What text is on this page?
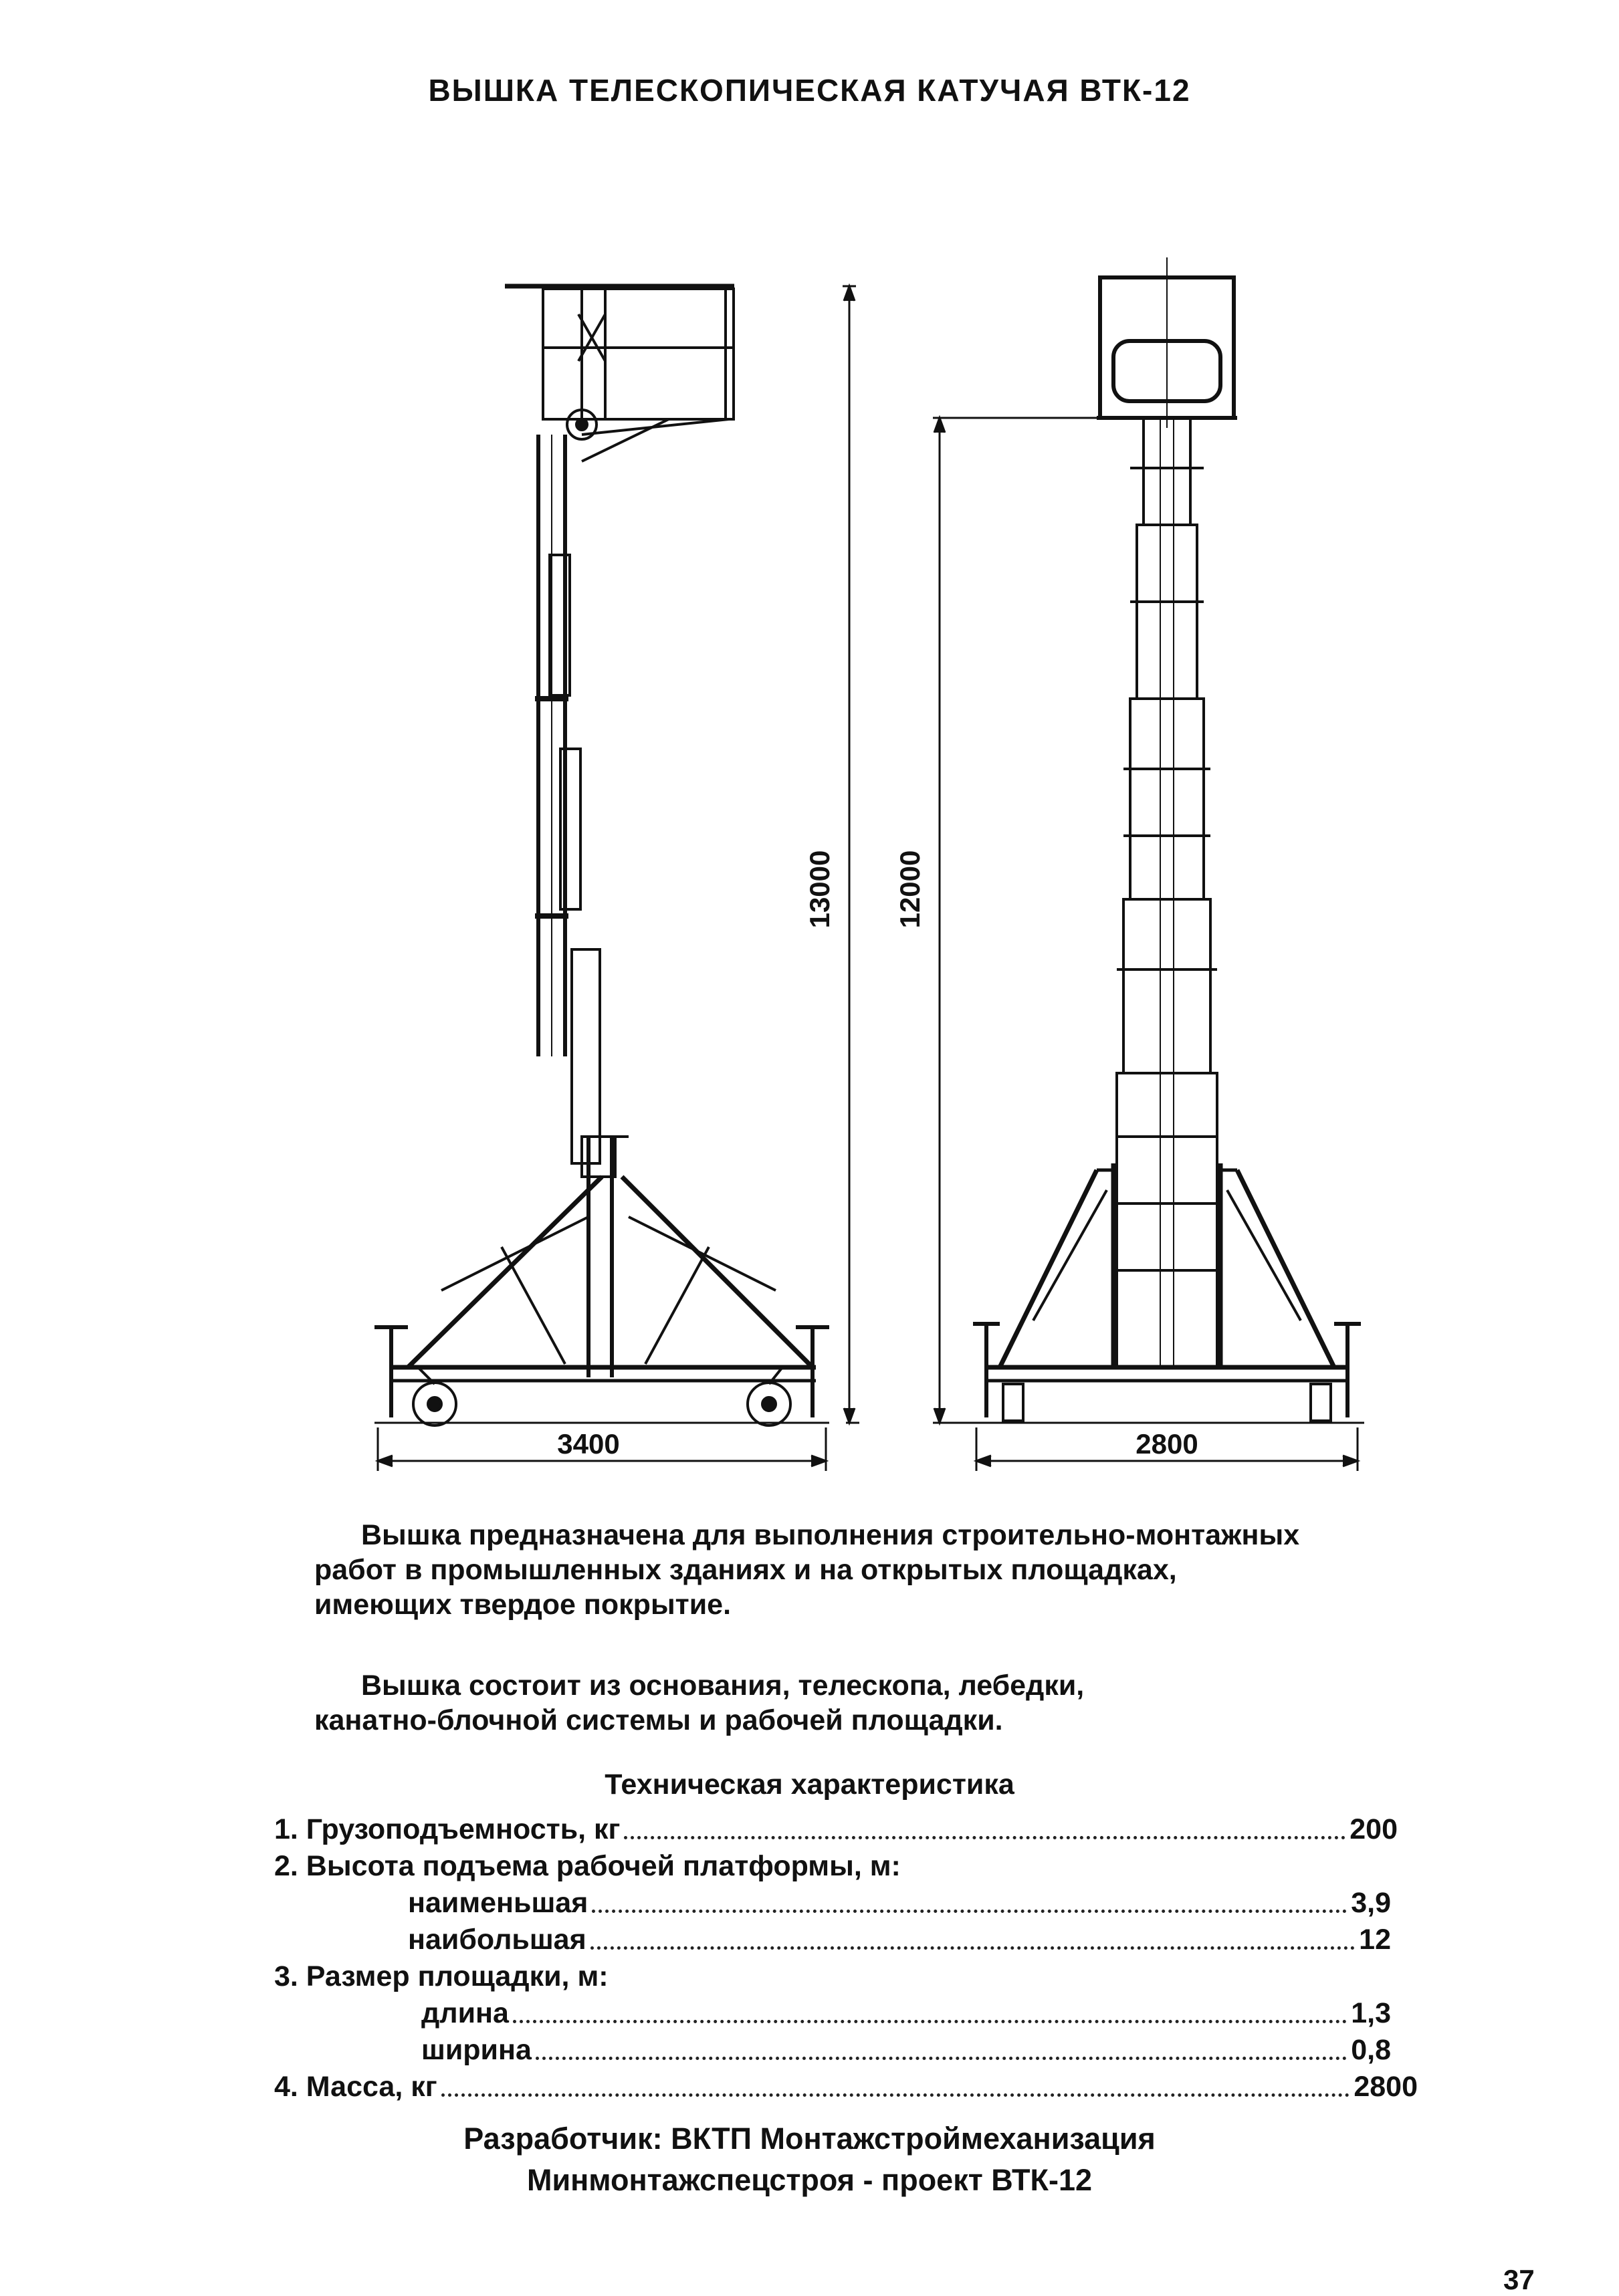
ВЫШКА ТЕЛЕСКОПИЧЕСКАЯ КАТУЧАЯ ВТК-12
13000
3400
12000
2800
Вышка предназначена для выполнения строительно-монтажных
работ в промышленных зданиях и на открытых площадках,
имеющих твердое покрытие.
Вышка состоит из основания, телескопа, лебедки,
канатно-блочной системы и рабочей площадки.
Техническая характеристика
1. Грузоподъемность, кг	200
2. Высота подъема рабочей платформы, м:
наименьшая	3,9
наибольшая	12
3. Размер площадки, м:
длина	1,3
ширина	0,8
4. Масса, кг	2800
Разработчик: ВКТП Монтажстроймеханизация
Минмонтажспецстроя - проект ВТК-12
37
